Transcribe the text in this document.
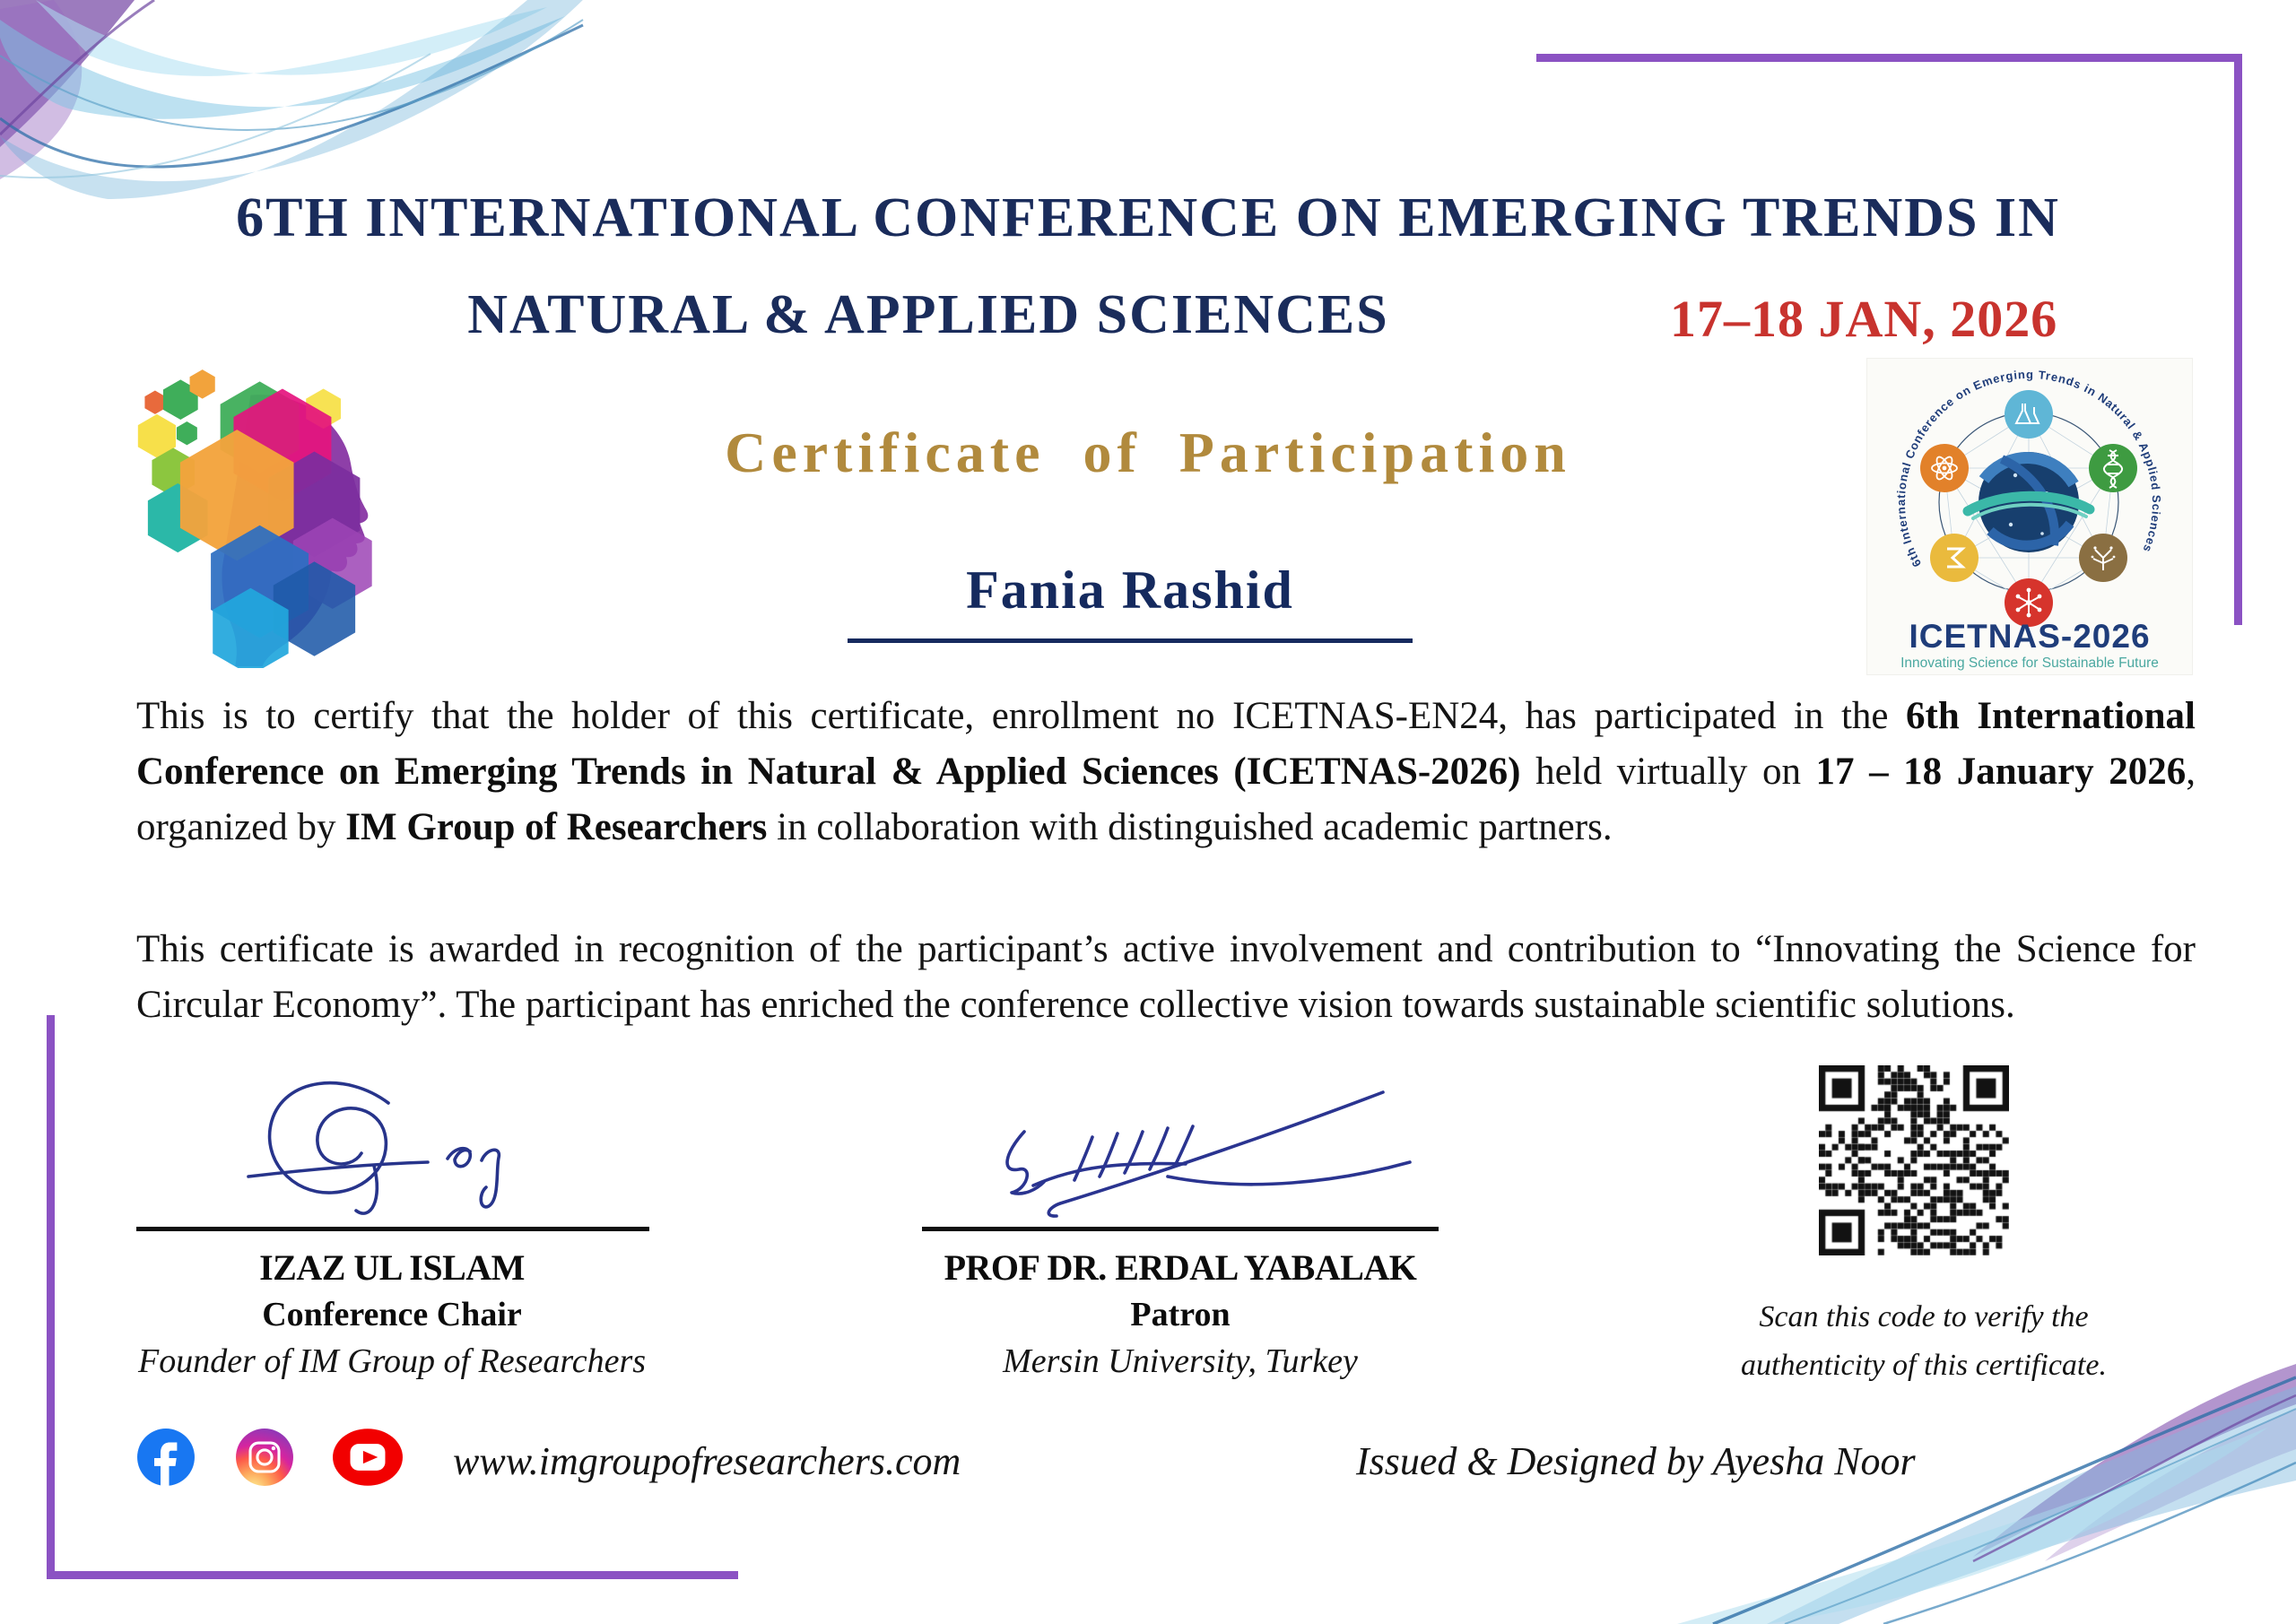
6TH INTERNATIONAL CONFERENCE ON EMERGING TRENDS IN
NATURAL & APPLIED SCIENCES	17–18 JAN, 2026
Certificate of Participation
Fania Rashid	6th International Conference on Emerging Trends in Natural & Applied Sciences
ICETNAS-2026
Innovating Science for Sustainable Future
This is to certify that the holder of this certificate, enrollment no ICETNAS-EN24, has participated in the 6th International Conference on Emerging Trends in Natural & Applied Sciences (ICETNAS-2026) held virtually on 17 – 18 January 2026, organized by IM Group of Researchers in collaboration with distinguished academic partners.
This certificate is awarded in recognition of the participant’s active involvement and contribution to “Innovating the Science for Circular Economy”. The participant has enriched the conference collective vision towards sustainable scientific solutions.
IZAZ UL ISLAM
Conference Chair
Founder of IM Group of Researchers
PROF DR. ERDAL YABALAK
Patron
Mersin University, Turkey
Scan this code to verify the
authenticity of this certificate.
www.imgroupofresearchers.com	Issued & Designed by Ayesha Noor
